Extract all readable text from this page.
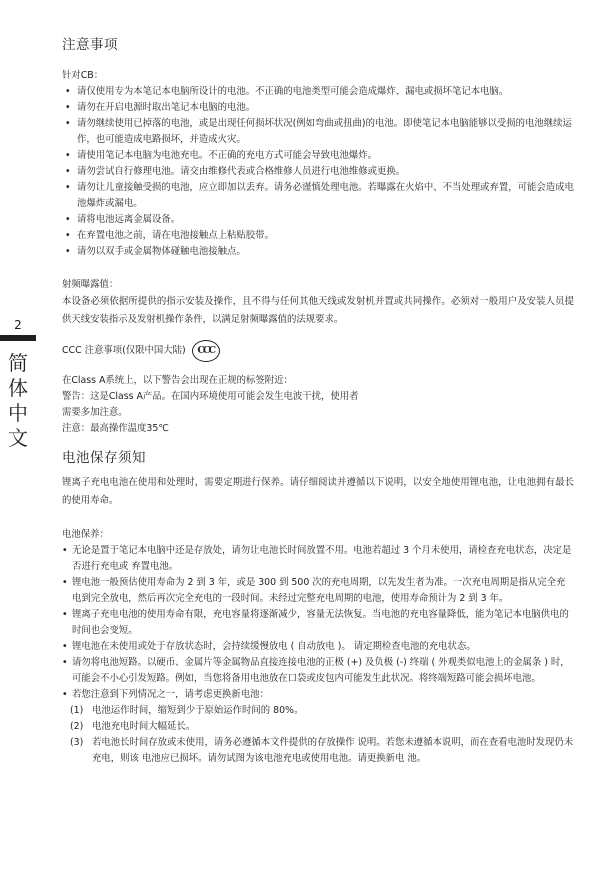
2
简
体
中
文
注意事项

针对CB：

• 请仅使用专为本笔记本电脑所设计的电池。不正确的电池类型可能会造成爆炸、漏电或损坏笔记本电脑。
• 请勿在开启电源时取出笔记本电脑的电池。
• 请勿继续使用已掉落的电池，或是出现任何损坏状况(例如弯曲或扭曲)的电池。即使笔记本电脑能够以受损的电池继续运作，也可能造成电路损坏，并造成火灾。
• 请使用笔记本电脑为电池充电。不正确的充电方式可能会导致电池爆炸。
• 请勿尝试自行修理电池。请交由维修代表或合格维修人员进行电池维修或更换。
• 请勿让儿童接触受损的电池，应立即加以丢弃。请务必谨慎处理电池。若曝露在火焰中、不当处理或弃置，可能会造成电池爆炸或漏电。
• 请将电池远离金属设备。
• 在弃置电池之前，请在电池接触点上粘贴胶带。
• 请勿以双手或金属物体碰触电池接触点。

射频曝露值：

本设备必须依据所提供的指示安装及操作，且不得与任何其他天线或发射机并置或共同操作。必须对一般用户及安装人员提供天线安装指示及发射机操作条件，以满足射频曝露值的法规要求。

CCC 注意事项(仅限中国大陆)	CCC

在Class A系统上，以下警告会出现在正规的标签附近：

警告：这是Class A产品。在国内环境使用可能会发生电波干扰，使用者

需要多加注意。

注意：最高操作温度35℃

电池保存须知

锂离子充电电池在使用和处理时，需要定期进行保养。请仔细阅读并遵循以下说明，以安全地使用锂电池，让电池拥有最长的使用寿命。

电池保养：

• 无论是置于笔记本电脑中还是存放处，请勿让电池长时间放置不用。电池若超过 3 个月未使用，请检查充电状态，决定是否进行充电或 弃置电池。
• 锂电池一般预估使用寿命为 2 到 3 年，或是 300 到 500 次的充电周期，以先发生者为准。一次充电周期是指从完全充电到完全放电，然后再次完全充电的一段时间。未经过完整充电周期的电池，使用寿命预计为 2 到 3 年。
• 锂离子充电电池的使用寿命有限，充电容量将逐渐减少，容量无法恢复。当电池的充电容量降低，能为笔记本电脑供电的时间也会变短。
• 锂电池在未使用或处于存放状态时，会持续缓慢放电 ( 自动放电 )。 请定期检查电池的充电状态。
• 请勿将电池短路。以硬币、金属片等金属物品直接连接电池的正极 (+) 及负极 (-) 终端 ( 外观类似电池上的金属条 ) 时，可能会不小心引发短路。例如，当您将备用电池放在口袋或皮包内可能发生此状况。将终端短路可能会损坏电池。
• 若您注意到下列情况之一，请考虑更换新电池：
(1) 电池运作时间，缩短到少于原始运作时间的 80%。
(2) 电池充电时间大幅延长。
(3) 若电池长时间存放或未使用，请务必遵循本文件提供的存放操作 说明。若您未遵循本说明，而在查看电池时发现仍未充电，则该 电池应已损坏。请勿试图为该电池充电或使用电池。请更换新电 池。
